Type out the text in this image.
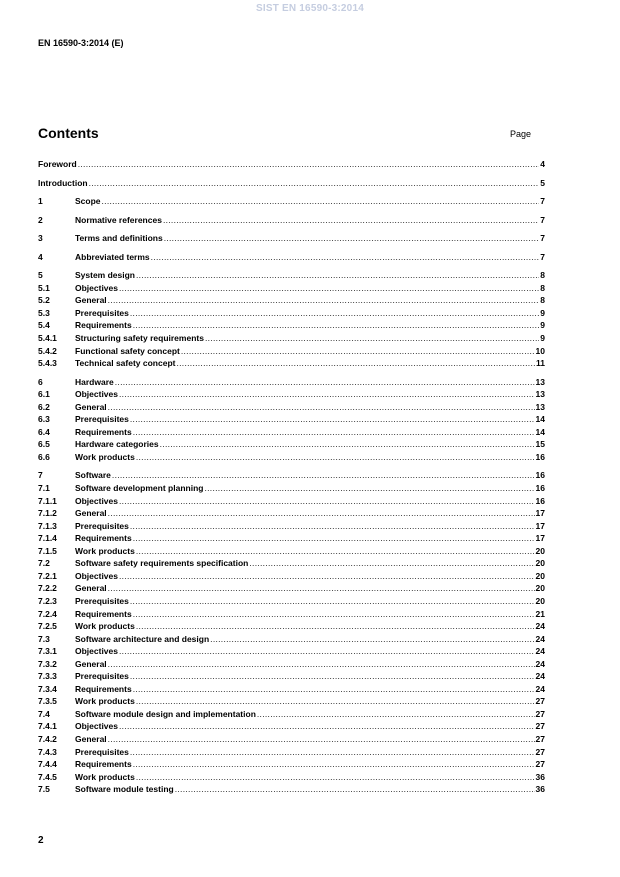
SIST EN 16590-3:2014
EN 16590-3:2014 (E)
Contents	Page
Foreword .....	4
Introduction .....	5
1	Scope .....	7
2	Normative references .....	7
3	Terms and definitions .....	7
4	Abbreviated terms .....	7
5	System design .....	8
5.1	Objectives .....	8
5.2	General .....	8
5.3	Prerequisites .....	9
5.4	Requirements .....	9
5.4.1	Structuring safety requirements .....	9
5.4.2	Functional safety concept .....	10
5.4.3	Technical safety concept .....	11
6	Hardware .....	13
6.1	Objectives .....	13
6.2	General .....	13
6.3	Prerequisites .....	14
6.4	Requirements .....	14
6.5	Hardware categories .....	15
6.6	Work products .....	16
7	Software .....	16
7.1	Software development planning .....	16
7.1.1	Objectives .....	16
7.1.2	General .....	17
7.1.3	Prerequisites .....	17
7.1.4	Requirements .....	17
7.1.5	Work products .....	20
7.2	Software safety requirements specification .....	20
7.2.1	Objectives .....	20
7.2.2	General .....	20
7.2.3	Prerequisites .....	20
7.2.4	Requirements .....	21
7.2.5	Work products .....	24
7.3	Software architecture and design .....	24
7.3.1	Objectives .....	24
7.3.2	General .....	24
7.3.3	Prerequisites .....	24
7.3.4	Requirements .....	24
7.3.5	Work products .....	27
7.4	Software module design and implementation .....	27
7.4.1	Objectives .....	27
7.4.2	General .....	27
7.4.3	Prerequisites .....	27
7.4.4	Requirements .....	27
7.4.5	Work products .....	36
7.5	Software module testing .....	36
2
